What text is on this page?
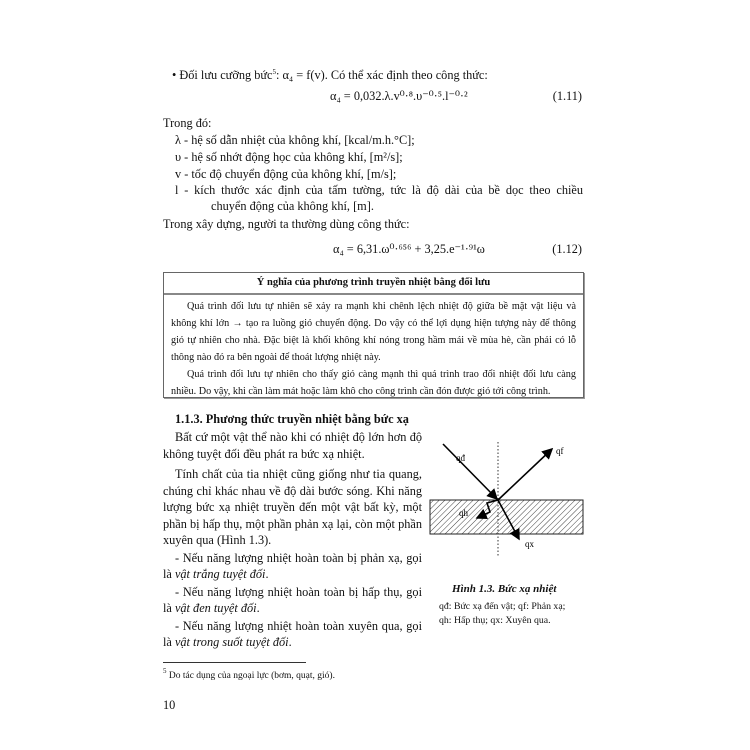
• Đối lưu cưỡng bức$^5$: α₄ = f(v). Có thể xác định theo công thức:
α₄ = 0,032.λ.v⁰·⁸.υ⁻⁰·⁵.l⁻⁰·²	(1.11)
Trong đó:
λ - hệ số dẫn nhiệt của không khí, [kcal/m.h.°C];
υ - hệ số nhớt động học của không khí, [m²/s];
v - tốc độ chuyển động của không khí, [m/s];
l - kích thước xác định của tấm tường, tức là độ dài của bề dọc theo chiều
chuyển động của không khí, [m].
Trong xây dựng, người ta thường dùng công thức:
α₄ = 6,31.ω⁰·⁶⁵⁶ + 3,25.e⁻¹·⁹¹ω	(1.12)
Ý nghĩa của phương trình truyền nhiệt bằng đối lưu

Quá trình đối lưu tự nhiên sẽ xảy ra mạnh khi chênh lệch nhiệt độ giữa bề mặt vật liệu và không khí lớn → tạo ra luồng gió chuyển động. Do vậy có thể lợi dụng hiện tượng này để thông gió tự nhiên cho nhà. Đặc biệt là khối không khí nóng trong hầm mái về mùa hè, cần phải có lỗ thông nào đó ra bên ngoài để thoát lượng nhiệt này.

Quá trình đối lưu tự nhiên cho thấy gió càng mạnh thì quá trình trao đổi nhiệt đối lưu càng nhiều. Do vậy, khi cần làm mát hoặc làm khô cho công trình cần đón được gió tới công trình.

1.1.3. Phương thức truyền nhiệt bằng bức xạ
Bất cứ một vật thể nào khi có nhiệt độ lớn hơn độ
không tuyệt đối đều phát ra bức xạ nhiệt.
Tính chất của tia nhiệt cũng giống như tia quang,
chúng chỉ khác nhau về độ dài bước sóng. Khi năng
lượng bức xạ nhiệt truyền đến một vật bất kỳ, một
phần bị hấp thụ, một phần phản xạ lại, còn một phần
xuyên qua (Hình 1.3).
- Nếu năng lượng nhiệt hoàn toàn bị phản xạ, gọi
là vật trắng tuyệt đối.
- Nếu năng lượng nhiệt hoàn toàn bị hấp thụ, gọi
là vật đen tuyệt đối.
- Nếu năng lượng nhiệt hoàn toàn xuyên qua, gọi
là vật trong suốt tuyệt đối.
qđ
qf
qh
qx
Hình 1.3. Bức xạ nhiệt
qđ: Bức xạ đến vật; qf: Phản xạ;
qh: Hấp thụ; qx: Xuyên qua.
$^5$ Do tác dụng của ngoại lực (bơm, quạt, gió).
10
